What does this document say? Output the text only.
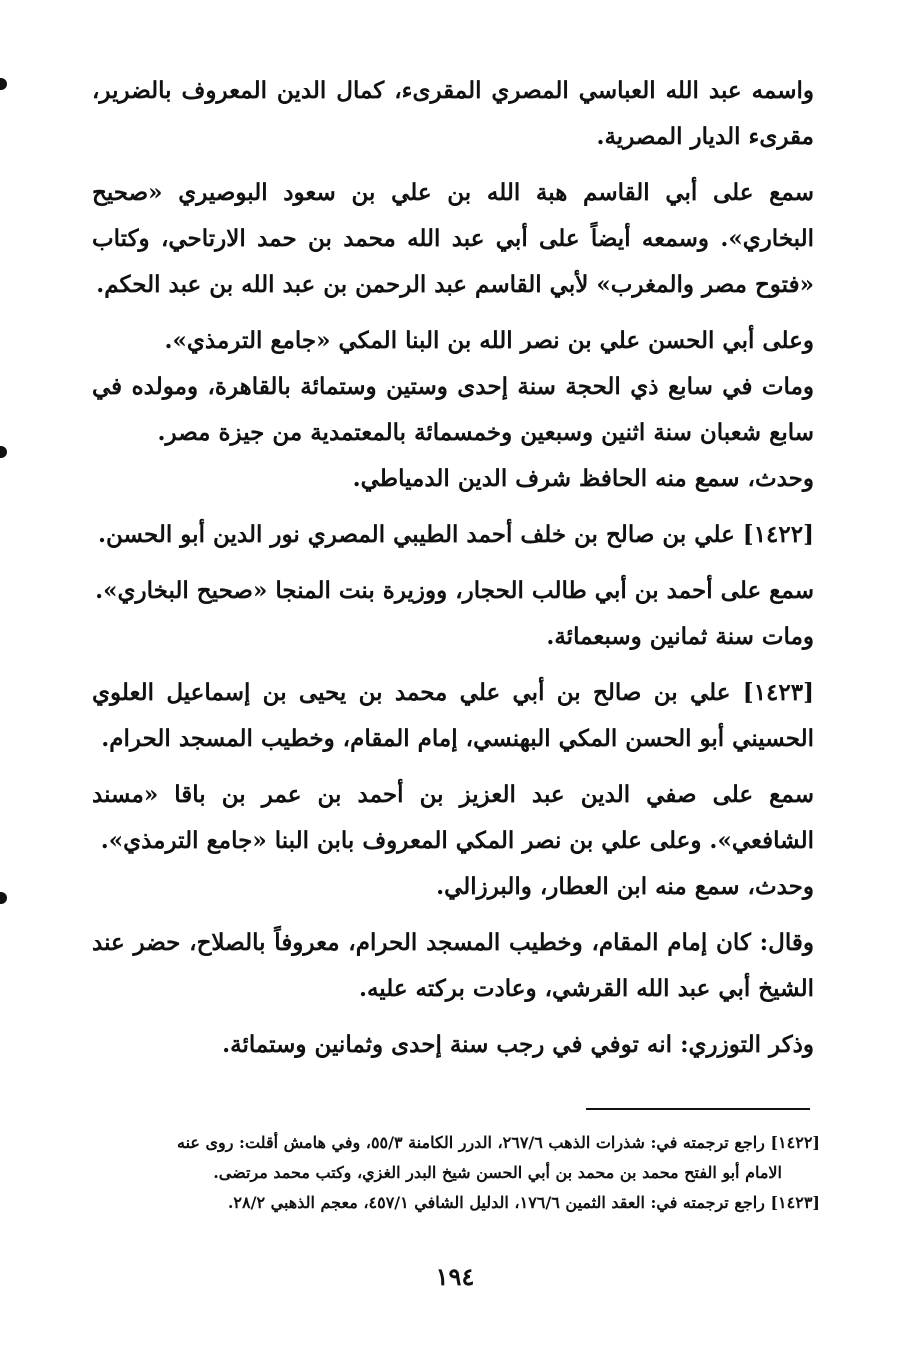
واسمه عبد الله العباسي المصري المقرىء، كمال الدين المعروف بالضرير، مقرىء الديار المصرية.

سمع على أبي القاسم هبة الله بن علي بن سعود البوصيري «صحيح البخاري». وسمعه أيضاً على أبي عبد الله محمد بن حمد الارتاحي، وكتاب «فتوح مصر والمغرب» لأبي القاسم عبد الرحمن بن عبد الله بن عبد الحكم.

وعلى أبي الحسن علي بن نصر الله بن البنا المكي «جامع الترمذي».

ومات في سابع ذي الحجة سنة إحدى وستين وستمائة بالقاهرة، ومولده في سابع شعبان سنة اثنين وسبعين وخمسمائة بالمعتمدية من جيزة مصر.

وحدث، سمع منه الحافظ شرف الدين الدمياطي.

[١٤٢٢] علي بن صالح بن خلف أحمد الطيبي المصري نور الدين أبو الحسن.

سمع على أحمد بن أبي طالب الحجار، ووزيرة بنت المنجا «صحيح البخاري».

ومات سنة ثمانين وسبعمائة.

[١٤٢٣] علي بن صالح بن أبي علي محمد بن يحيى بن إسماعيل العلوي الحسيني أبو الحسن المكي البهنسي، إمام المقام، وخطيب المسجد الحرام.

سمع على صفي الدين عبد العزيز بن أحمد بن عمر بن باقا «مسند الشافعي». وعلى علي بن نصر المكي المعروف بابن البنا «جامع الترمذي».

وحدث، سمع منه ابن العطار، والبرزالي.

وقال: كان إمام المقام، وخطيب المسجد الحرام، معروفاً بالصلاح، حضر عند الشيخ أبي عبد الله القرشي، وعادت بركته عليه.

وذكر التوزري: انه توفي في رجب سنة إحدى وثمانين وستمائة.

[١٤٢٢] راجع ترجمته في: شذرات الذهب ٢٦٧/٦، الدرر الكامنة ٥٥/٣، وفي هامش أقلت: روى عنه

الامام أبو الفتح محمد بن محمد بن أبي الحسن شيخ البدر الغزي، وكتب محمد مرتضى.

[١٤٢٣] راجع ترجمته في: العقد الثمين ١٧٦/٦، الدليل الشافي ٤٥٧/١، معجم الذهبي ٢٨/٢.

١٩٤
